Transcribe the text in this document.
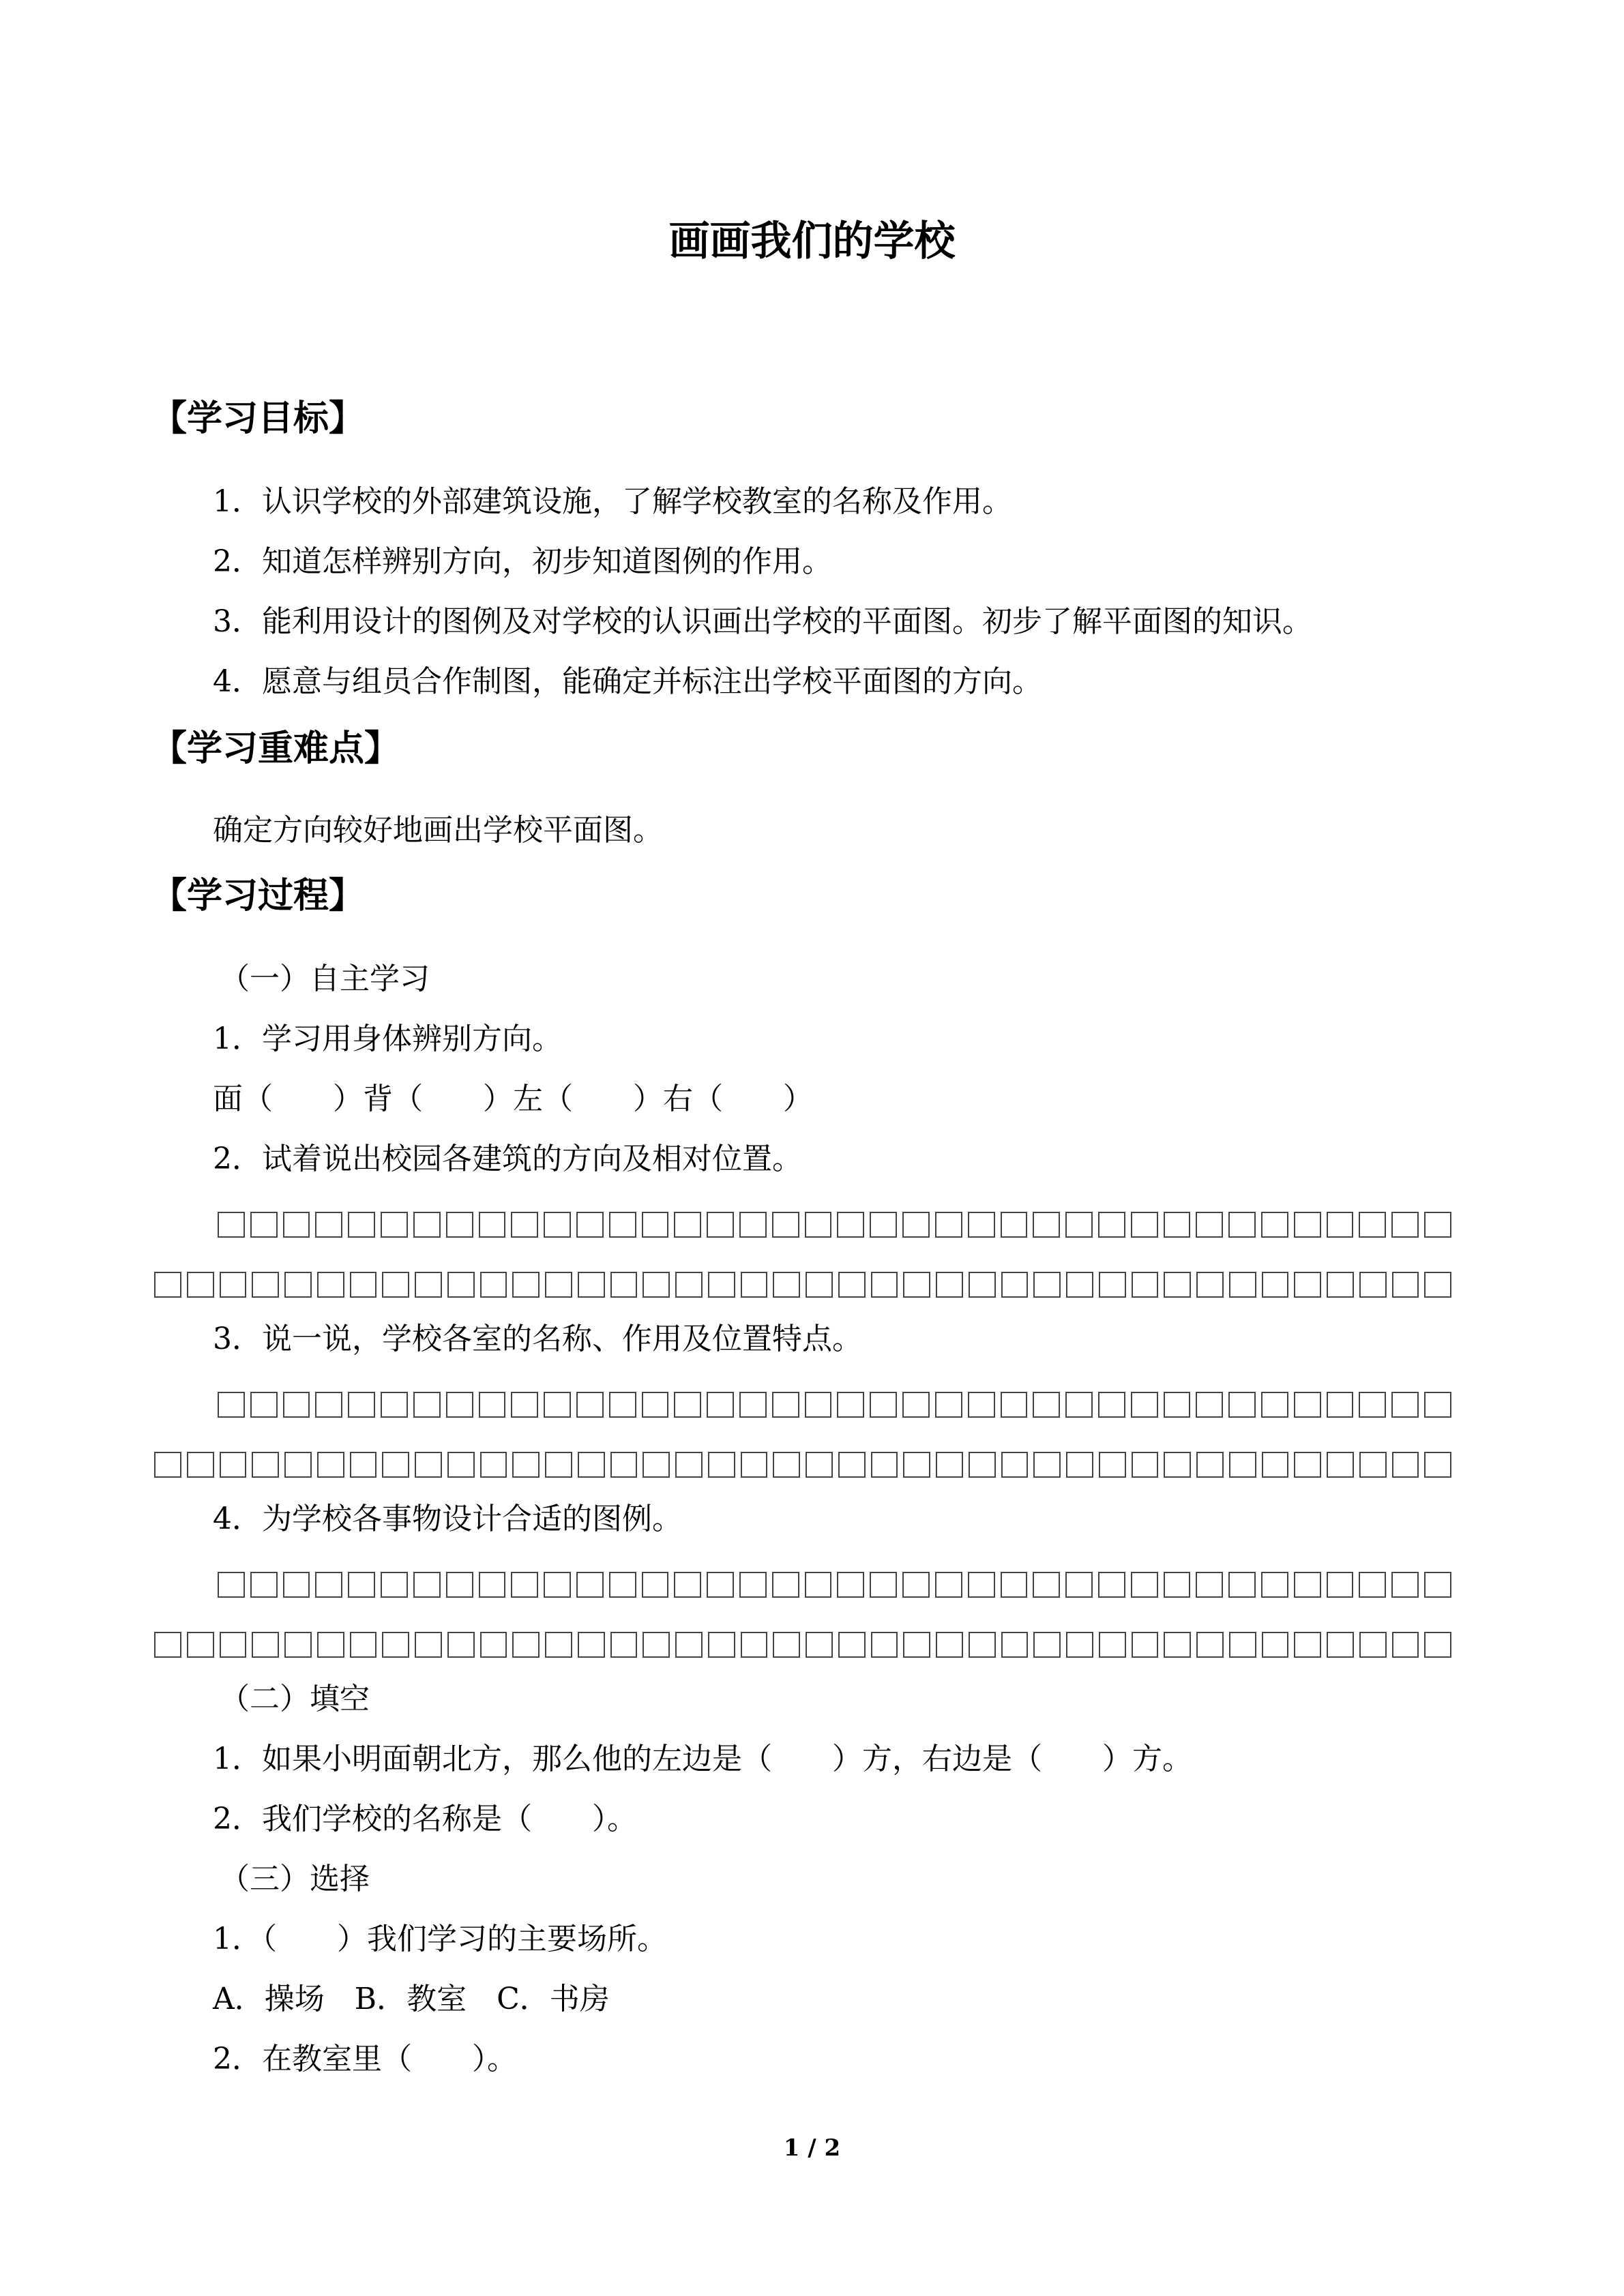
画画我们的学校
【学习目标】
1．认识学校的外部建筑设施，了解学校教室的名称及作用。
2．知道怎样辨别方向，初步知道图例的作用。
3．能利用设计的图例及对学校的认识画出学校的平面图。初步了解平面图的知识。
4．愿意与组员合作制图，能确定并标注出学校平面图的方向。
【学习重难点】
确定方向较好地画出学校平面图。
【学习过程】
（一）自主学习
1．学习用身体辨别方向。
面（　　）背（　　）左（　　）右（　　）
2．试着说出校园各建筑的方向及相对位置。
3．说一说，学校各室的名称、作用及位置特点。
4．为学校各事物设计合适的图例。
（二）填空
1．如果小明面朝北方，那么他的左边是（　　）方，右边是（　　）方。
2．我们学校的名称是（　　）。
（三）选择
1．（　　）我们学习的主要场所。
A．操场　B．教室　C．书房
2．在教室里（　　）。
1 / 2
